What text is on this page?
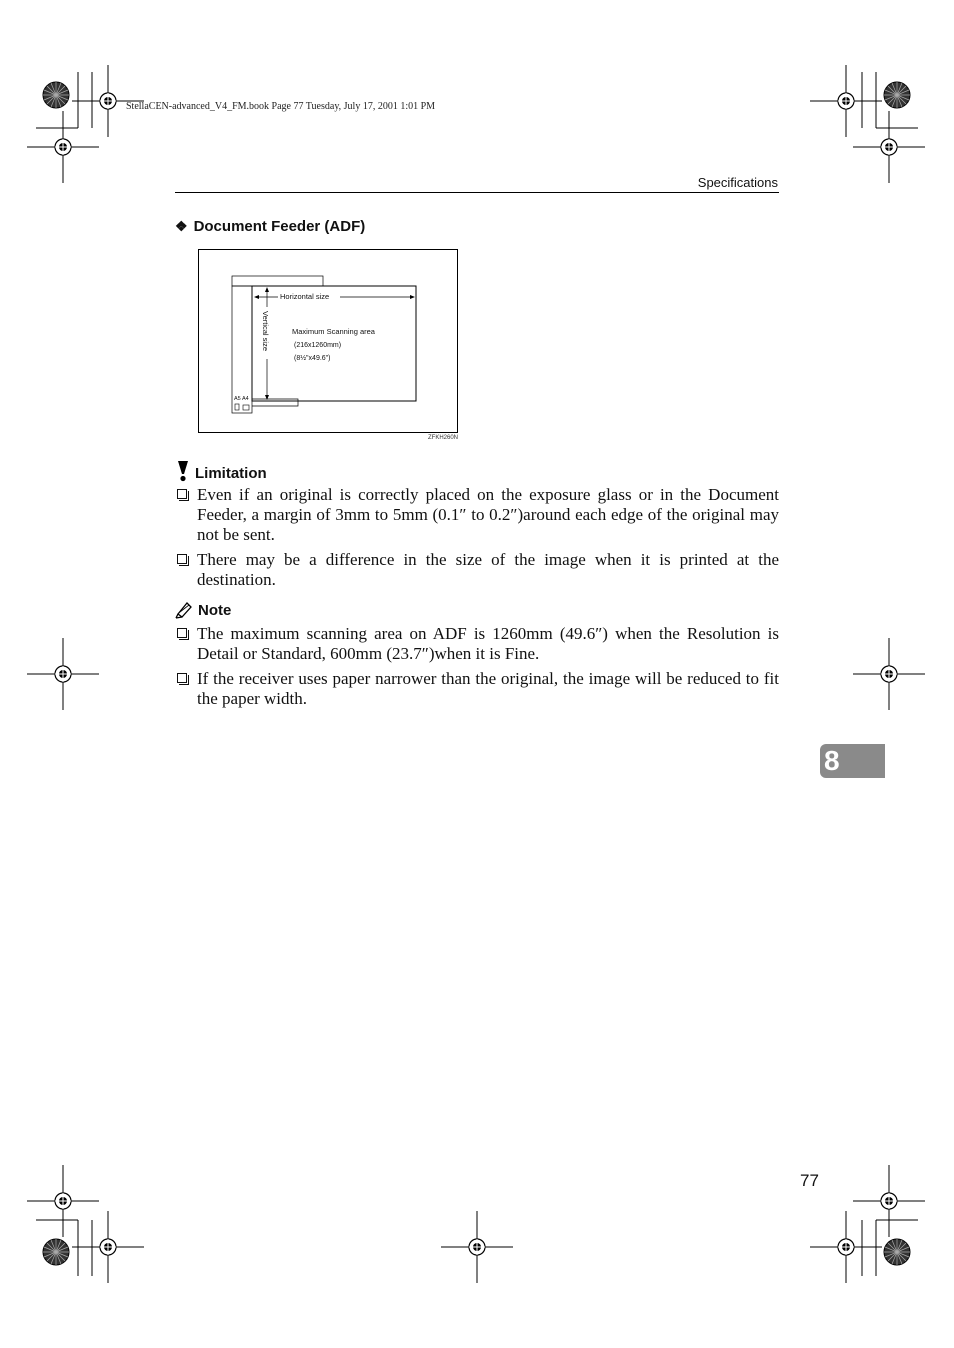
StellaCEN-advanced_V4_FM.book Page 77 Tuesday, July 17, 2001 1:01 PM
Specifications
❖ Document Feeder (ADF)
Horizontal size
Vertical size	Maximum Scanning area
(216x1260mm)
(8½"x49.6")
A5 A4
ZFKH260N
Limitation
Even if an original is correctly placed on the exposure glass or in the Document Feeder, a margin of 3mm to 5mm (0.1″ to 0.2″)around each edge of the original may not be sent.
There may be a difference in the size of the image when it is printed at the destination.
Note
The maximum scanning area on ADF is 1260mm (49.6″) when the Resolution is Detail or Standard, 600mm (23.7″)when it is Fine.
If the receiver uses paper narrower than the original, the image will be reduced to fit the paper width.
8
77
